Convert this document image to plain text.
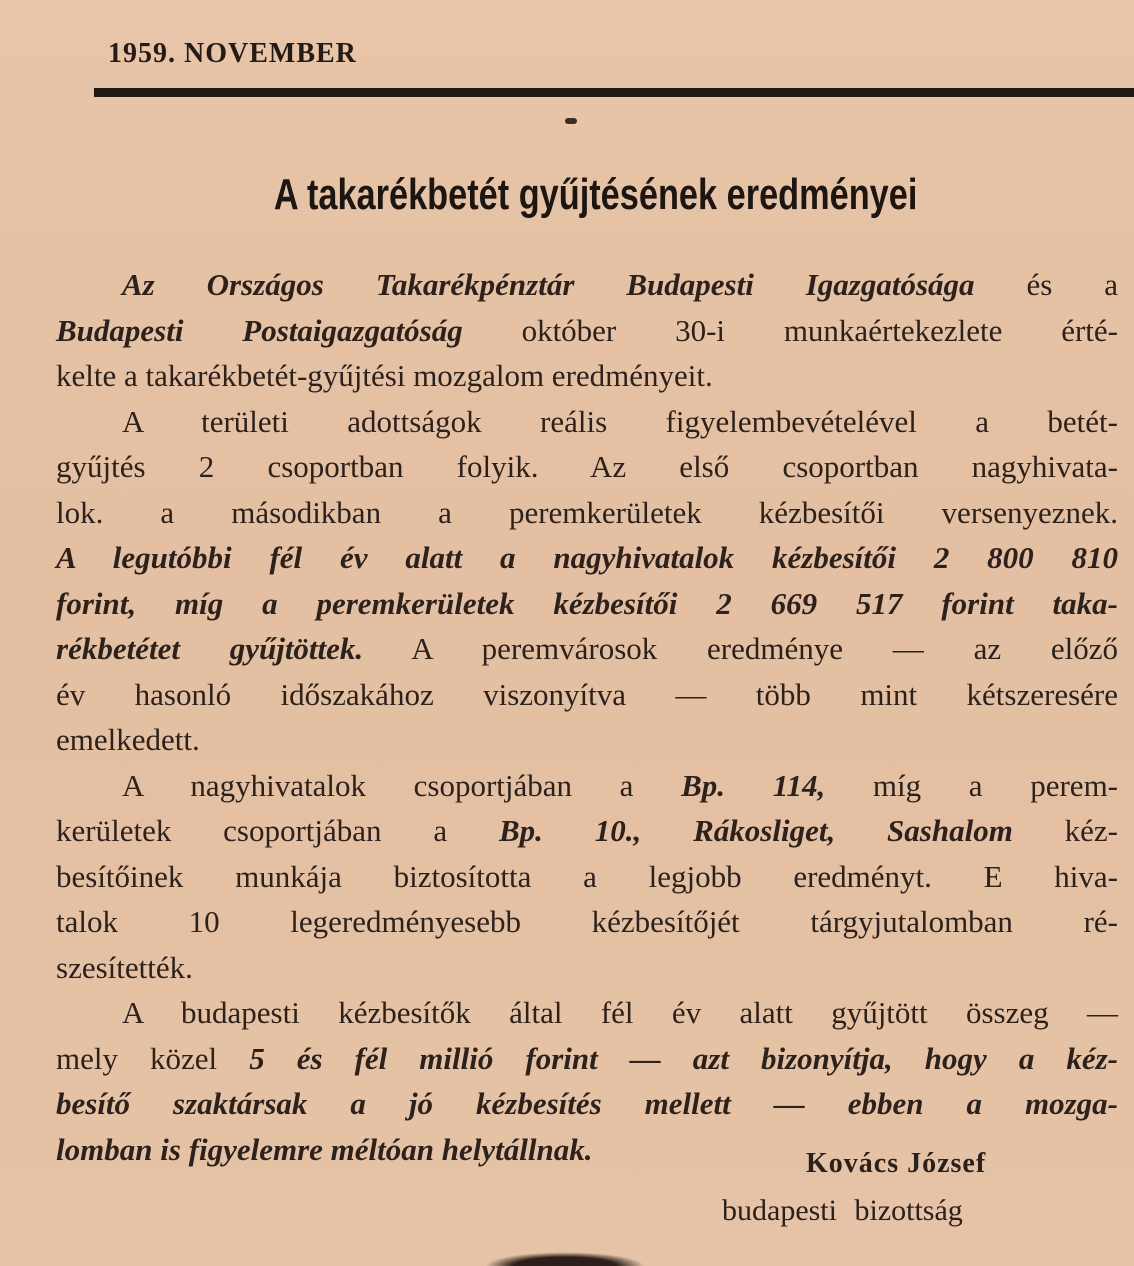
1959. NOVEMBER
A takarékbetét gyűjtésének eredményei
Az Országos Takarékpénztár Budapesti Igazgatósága és a
Budapesti Postaigazgatóság október 30-i munkaértekezlete érté-
kelte a takarékbetét-gyűjtési mozgalom eredményeit.
A területi adottságok reális figyelembevételével a betét-
gyűjtés 2 csoportban folyik. Az első csoportban nagyhivata-
lok. a másodikban a peremkerületek kézbesítői versenyeznek.
A legutóbbi fél év alatt a nagyhivatalok kézbesítői 2 800 810
forint, míg a peremkerületek kézbesítői 2 669 517 forint taka-
rékbetétet gyűjtöttek. A peremvárosok eredménye — az előző
év hasonló időszakához viszonyítva — több mint kétszeresére
emelkedett.
A nagyhivatalok csoportjában a Bp. 114, míg a perem-
kerületek csoportjában a Bp. 10., Rákosliget, Sashalom kéz-
besítőinek munkája biztosította a legjobb eredményt. E hiva-
talok 10 legeredményesebb kézbesítőjét tárgyjutalomban ré-
szesítették.
A budapesti kézbesítők által fél év alatt gyűjtött összeg —
mely közel 5 és fél millió forint — azt bizonyítja, hogy a kéz-
besítő szaktársak a jó kézbesítés mellett — ebben a mozga-
lomban is figyelemre méltóan helytállnak.	Kovács József
budapesti bizottság
